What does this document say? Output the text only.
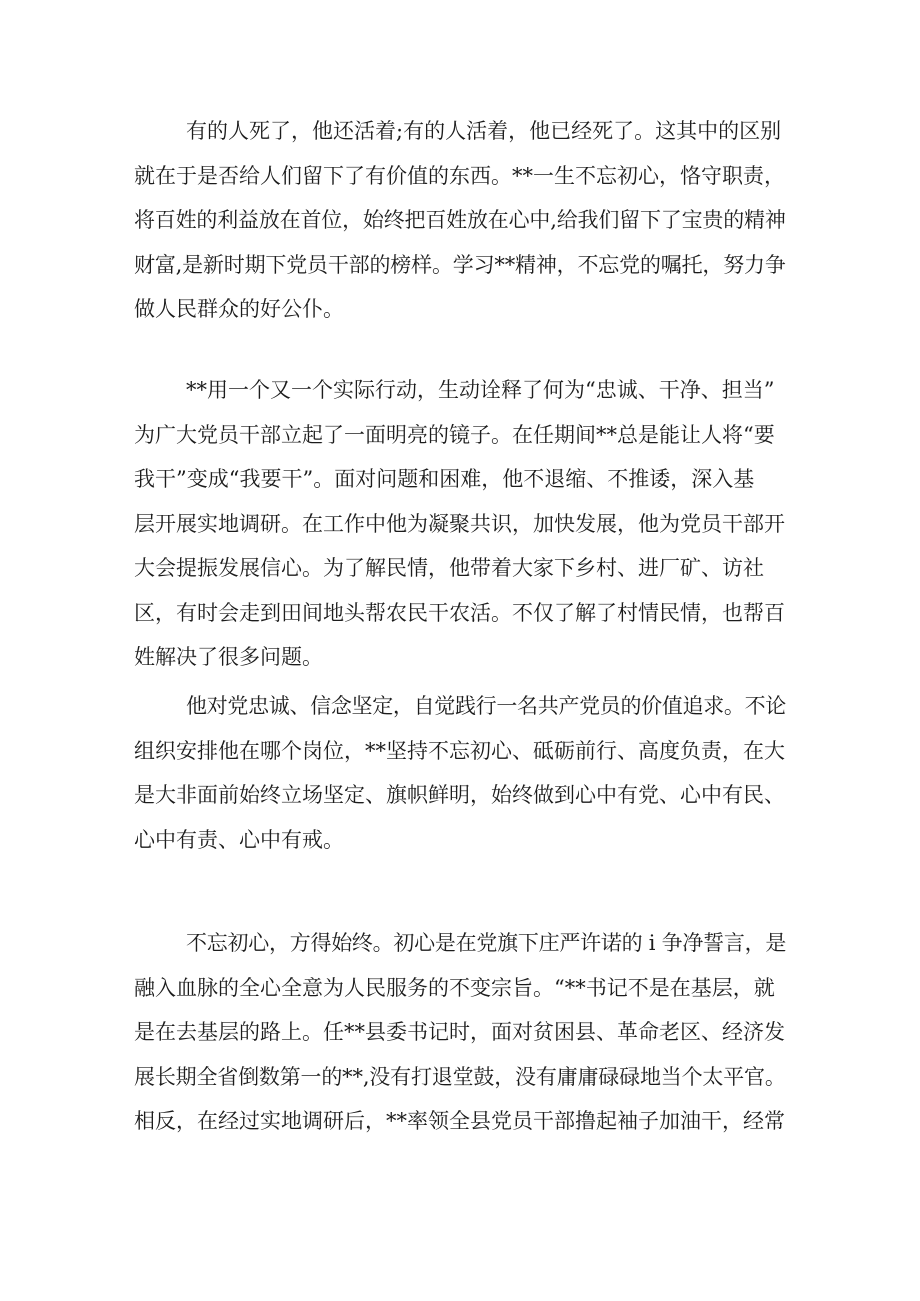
有的人死了，他还活着;有的人活着，他已经死了。这其中的区别
就在于是否给人们留下了有价值的东西。**一生不忘初心，恪守职责，
将百姓的利益放在首位，始终把百姓放在心中,给我们留下了宝贵的精神
财富,是新时期下党员干部的榜样。学习**精神，不忘党的嘱托，努力争
做人民群众的好公仆。
**用一个又一个实际行动，生动诠释了何为“忠诚、干净、担当”
为广大党员干部立起了一面明亮的镜子。在任期间**总是能让人将“要
我干”变成“我要干”。面对问题和困难，他不退缩、不推诿，深入基
层开展实地调研。在工作中他为凝聚共识，加快发展，他为党员干部开
大会提振发展信心。为了解民情，他带着大家下乡村、进厂矿、访社
区，有时会走到田间地头帮农民干农活。不仅了解了村情民情，也帮百
姓解决了很多问题。
他对党忠诚、信念坚定，自觉践行一名共产党员的价值追求。不论
组织安排他在哪个岗位，**坚持不忘初心、砥砺前行、高度负责，在大
是大非面前始终立场坚定、旗帜鲜明，始终做到心中有党、心中有民、
心中有责、心中有戒。
不忘初心，方得始终。初心是在党旗下庄严许诺的 i 争净誓言，是
融入血脉的全心全意为人民服务的不变宗旨。“**书记不是在基层，就
是在去基层的路上。任**县委书记时，面对贫困县、革命老区、经济发
展长期全省倒数第一的**,没有打退堂鼓，没有庸庸碌碌地当个太平官。
相反，在经过实地调研后，**率领全县党员干部撸起袖子加油干，经常
